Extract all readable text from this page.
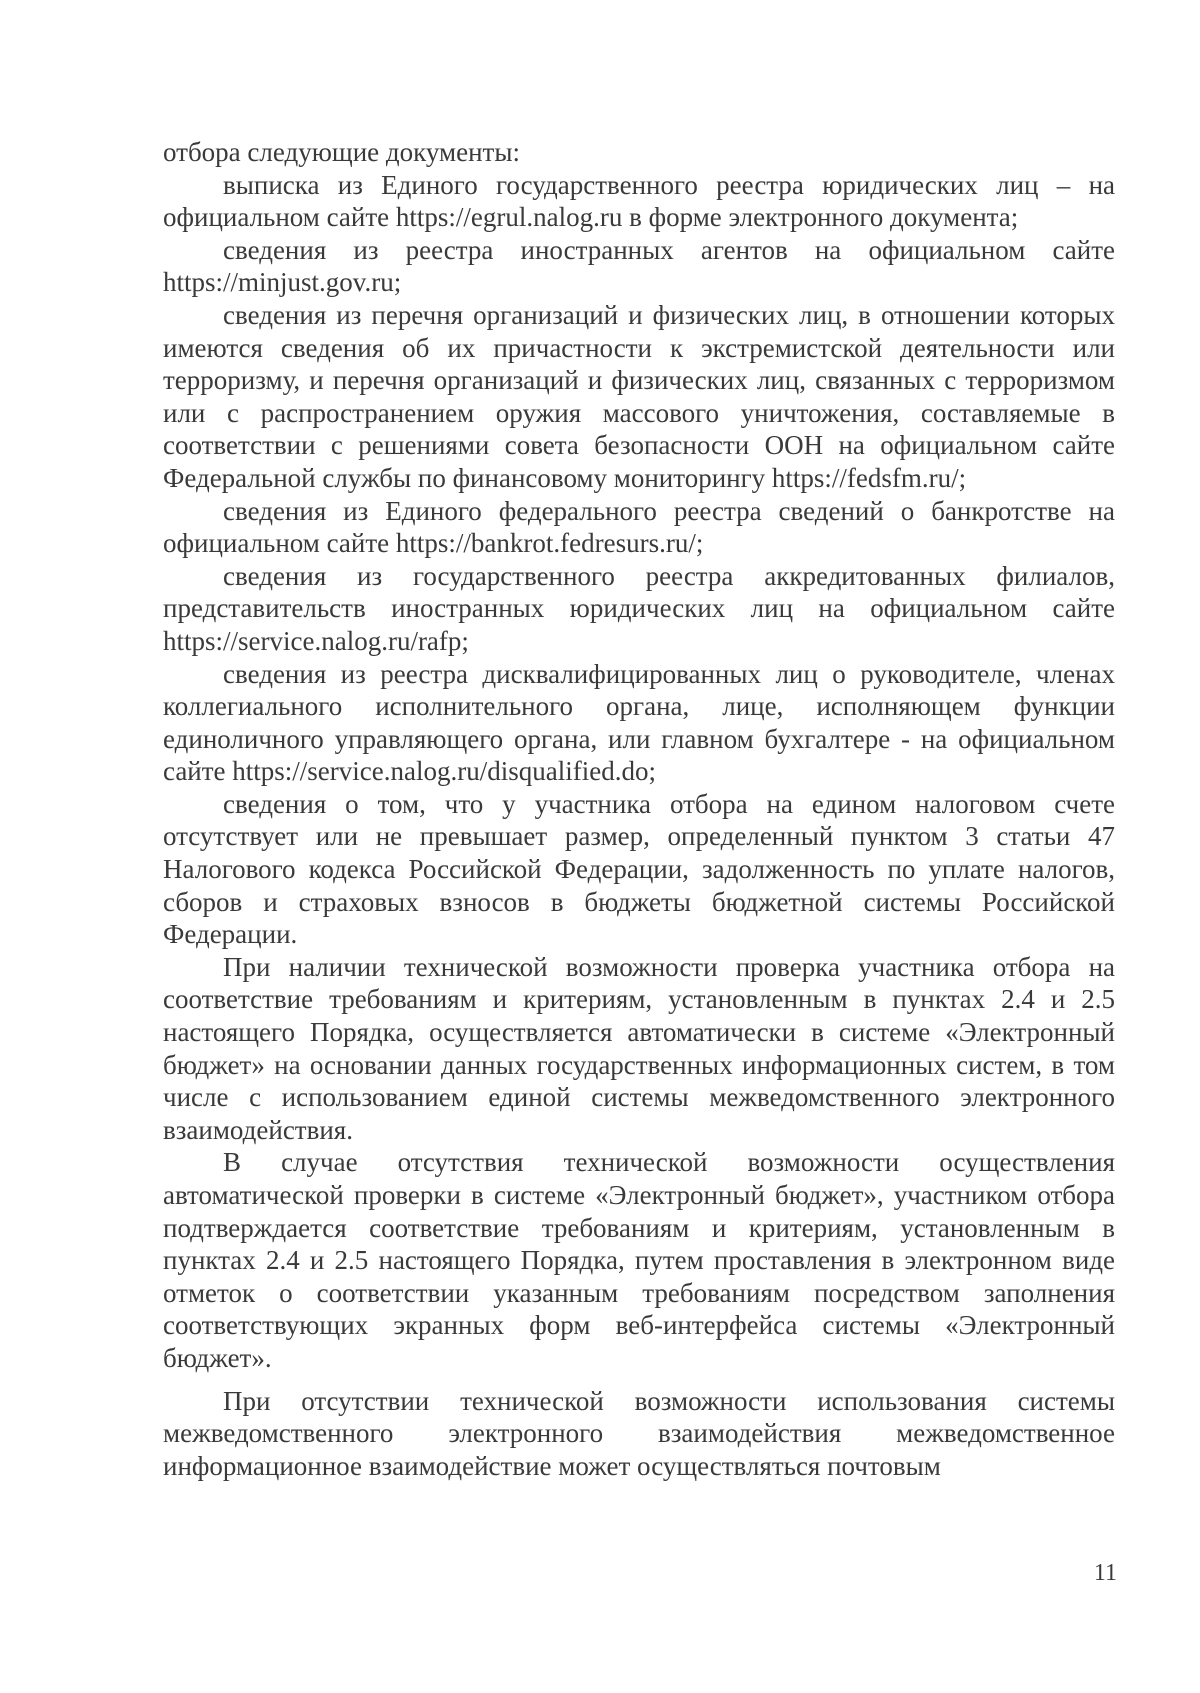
отбора следующие документы:

выписка из Единого государственного реестра юридических лиц – на официальном сайте https://egrul.nalog.ru в форме электронного документа;

сведения из реестра иностранных агентов на официальном сайте https://minjust.gov.ru;

сведения из перечня организаций и физических лиц, в отношении которых имеются сведения об их причастности к экстремистской деятельности или терроризму, и перечня организаций и физических лиц, связанных с терроризмом или с распространением оружия массового уничтожения, составляемые в соответствии с решениями совета безопасности ООН на официальном сайте Федеральной службы по финансовому мониторингу https://fedsfm.ru/;

сведения из Единого федерального реестра сведений о банкротстве на официальном сайте https://bankrot.fedresurs.ru/;

сведения из государственного реестра аккредитованных филиалов, представительств иностранных юридических лиц на официальном сайте https://service.nalog.ru/rafp;

сведения из реестра дисквалифицированных лиц о руководителе, членах коллегиального исполнительного органа, лице, исполняющем функции единоличного управляющего органа, или главном бухгалтере - на официальном сайте https://service.nalog.ru/disqualified.do;

сведения о том, что у участника отбора на едином налоговом счете отсутствует или не превышает размер, определенный пунктом 3 статьи 47 Налогового кодекса Российской Федерации, задолженность по уплате налогов, сборов и страховых взносов в бюджеты бюджетной системы Российской Федерации.

При наличии технической возможности проверка участника отбора на соответствие требованиям и критериям, установленным в пунктах 2.4 и 2.5 настоящего Порядка, осуществляется автоматически в системе «Электронный бюджет» на основании данных государственных информационных систем, в том числе с использованием единой системы межведомственного электронного взаимодействия.

В случае отсутствия технической возможности осуществления автоматической проверки в системе «Электронный бюджет», участником отбора подтверждается соответствие требованиям и критериям, установленным в пунктах 2.4 и 2.5 настоящего Порядка, путем проставления в электронном виде отметок о соответствии указанным требованиям посредством заполнения соответствующих экранных форм веб-интерфейса системы «Электронный бюджет».

При отсутствии технической возможности использования системы межведомственного электронного взаимодействия межведомственное информационное взаимодействие может осуществляться почтовым

11
